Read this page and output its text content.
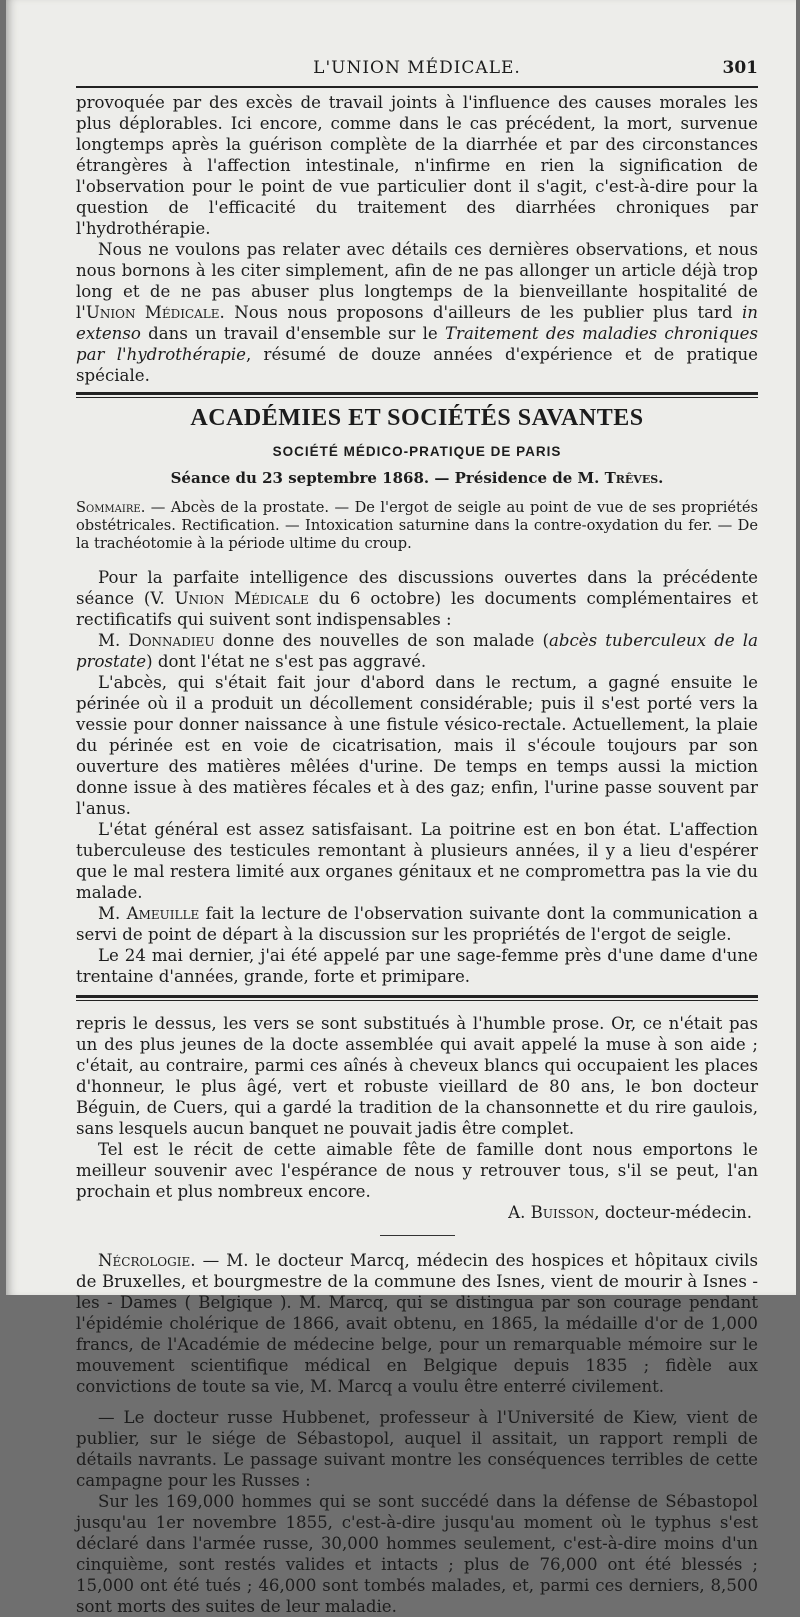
L'UNION MÉDICALE.	301

provoquée par des excès de travail joints à l'influence des causes morales les plus déplorables. Ici encore, comme dans le cas précédent, la mort, survenue longtemps après la guérison complète de la diarrhée et par des circonstances étrangères à l'affection intestinale, n'infirme en rien la signification de l'observation pour le point de vue particulier dont il s'agit, c'est-à-dire pour la question de l'efficacité du traitement des diarrhées chroniques par l'hydrothérapie.

Nous ne voulons pas relater avec détails ces dernières observations, et nous nous bornons à les citer simplement, afin de ne pas allonger un article déjà trop long et de ne pas abuser plus longtemps de la bienveillante hospitalité de l'Union Médicale. Nous nous proposons d'ailleurs de les publier plus tard in extenso dans un travail d'ensemble sur le Traitement des maladies chroniques par l'hydrothérapie, résumé de douze années d'expérience et de pratique spéciale.

ACADÉMIES ET SOCIÉTÉS SAVANTES
SOCIÉTÉ MÉDICO-PRATIQUE DE PARIS
Séance du 23 septembre 1868. — Présidence de M. Trêves.

Sommaire. — Abcès de la prostate. — De l'ergot de seigle au point de vue de ses propriétés obstétricales. Rectification. — Intoxication saturnine dans la contre-oxydation du fer. — De la trachéotomie à la période ultime du croup.

Pour la parfaite intelligence des discussions ouvertes dans la précédente séance (V. Union Médicale du 6 octobre) les documents complémentaires et rectificatifs qui suivent sont indispensables :

M. Donnadieu donne des nouvelles de son malade (abcès tuberculeux de la prostate) dont l'état ne s'est pas aggravé.

L'abcès, qui s'était fait jour d'abord dans le rectum, a gagné ensuite le périnée où il a produit un décollement considérable; puis il s'est porté vers la vessie pour donner naissance à une fistule vésico-rectale. Actuellement, la plaie du périnée est en voie de cicatrisation, mais il s'écoule toujours par son ouverture des matières mêlées d'urine. De temps en temps aussi la miction donne issue à des matières fécales et à des gaz; enfin, l'urine passe souvent par l'anus.

L'état général est assez satisfaisant. La poitrine est en bon état. L'affection tuberculeuse des testicules remontant à plusieurs années, il y a lieu d'espérer que le mal restera limité aux organes génitaux et ne compromettra pas la vie du malade.

M. Ameuille fait la lecture de l'observation suivante dont la communication a servi de point de départ à la discussion sur les propriétés de l'ergot de seigle.

Le 24 mai dernier, j'ai été appelé par une sage-femme près d'une dame d'une trentaine d'années, grande, forte et primipare.

repris le dessus, les vers se sont substitués à l'humble prose. Or, ce n'était pas un des plus jeunes de la docte assemblée qui avait appelé la muse à son aide ; c'était, au contraire, parmi ces aînés à cheveux blancs qui occupaient les places d'honneur, le plus âgé, vert et robuste vieillard de 80 ans, le bon docteur Béguin, de Cuers, qui a gardé la tradition de la chansonnette et du rire gaulois, sans lesquels aucun banquet ne pouvait jadis être complet.

Tel est le récit de cette aimable fête de famille dont nous emportons le meilleur souvenir avec l'espérance de nous y retrouver tous, s'il se peut, l'an prochain et plus nombreux encore.

A. Buisson, docteur-médecin.

Nécrologie. — M. le docteur Marcq, médecin des hospices et hôpitaux civils de Bruxelles, et bourgmestre de la commune des Isnes, vient de mourir à Isnes - les - Dames ( Belgique ). M. Marcq, qui se distingua par son courage pendant l'épidémie cholérique de 1866, avait obtenu, en 1865, la médaille d'or de 1,000 francs, de l'Académie de médecine belge, pour un remarquable mémoire sur le mouvement scientifique médical en Belgique depuis 1835 ; fidèle aux convictions de toute sa vie, M. Marcq a voulu être enterré civilement.

— Le docteur russe Hubbenet, professeur à l'Université de Kiew, vient de publier, sur le siége de Sébastopol, auquel il assitait, un rapport rempli de détails navrants. Le passage suivant montre les conséquences terribles de cette campagne pour les Russes :

Sur les 169,000 hommes qui se sont succédé dans la défense de Sébastopol jusqu'au 1er novembre 1855, c'est-à-dire jusqu'au moment où le typhus s'est déclaré dans l'armée russe, 30,000 hommes seulement, c'est-à-dire moins d'un cinquième, sont restés valides et intacts ; plus de 76,000 ont été blessés ; 15,000 ont été tués ; 46,000 sont tombés malades, et, parmi ces derniers, 8,500 sont morts des suites de leur maladie.
